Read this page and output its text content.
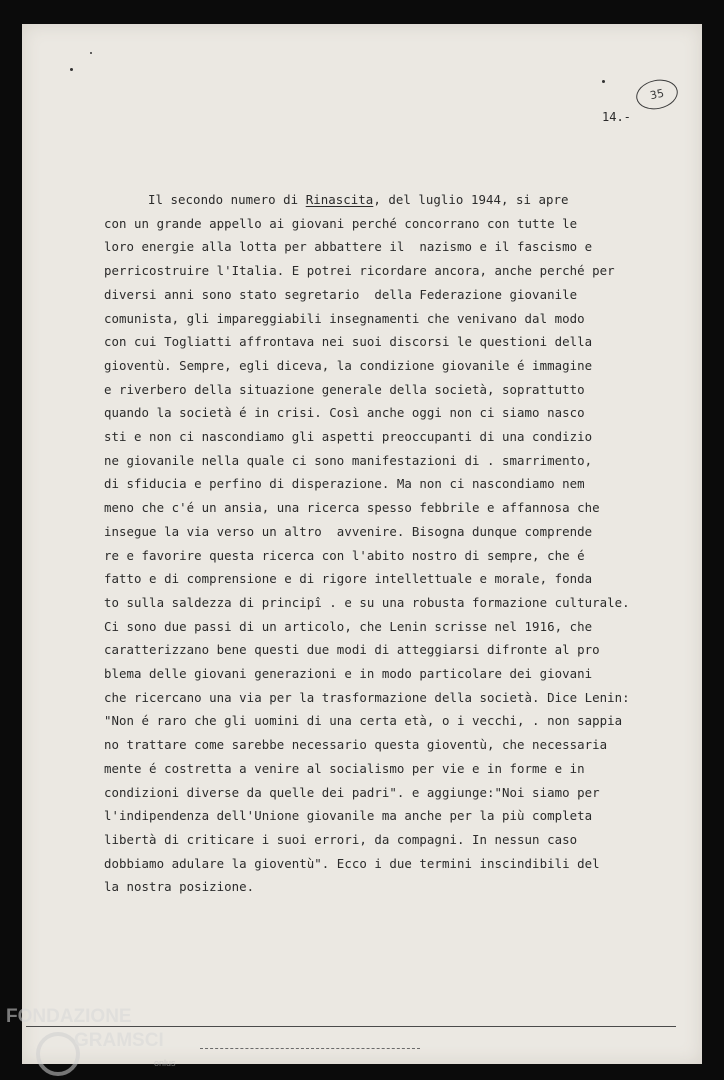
35
14.-
Il secondo numero di Rinascita, del luglio 1944, si apre
con un grande appello ai giovani perché concorrano con tutte le
loro energie alla lotta per abbattere il  nazismo e il fascismo e
perricostruire l'Italia. E potrei ricordare ancora, anche perché per
diversi anni sono stato segretario  della Federazione giovanile
comunista, gli impareggiabili insegnamenti che venivano dal modo
con cui Togliatti affrontava nei suoi discorsi le questioni della
gioventù. Sempre, egli diceva, la condizione giovanile é immagine
e riverbero della situazione generale della società, soprattutto
quando la società é in crisi. Così anche oggi non ci siamo nasco
sti e non ci nascondiamo gli aspetti preoccupanti di una condizio
ne giovanile nella quale ci sono manifestazioni di . smarrimento,
di sfiducia e perfino di disperazione. Ma non ci nascondiamo nem
meno che c'é un ansia, una ricerca spesso febbrile e affannosa che
insegue la via verso un altro  avvenire. Bisogna dunque comprende
re e favorire questa ricerca con l'abito nostro di sempre, che é
fatto e di comprensione e di rigore intellettuale e morale, fonda
to sulla saldezza di principî . e su una robusta formazione culturale.
Ci sono due passi di un articolo, che Lenin scrisse nel 1916, che
caratterizzano bene questi due modi di atteggiarsi difronte al pro
blema delle giovani generazioni e in modo particolare dei giovani
che ricercano una via per la trasformazione della società. Dice Lenin:
"Non é raro che gli uomini di una certa età, o i vecchi, . non sappia
no trattare come sarebbe necessario questa gioventù, che necessaria
mente é costretta a venire al socialismo per vie e in forme e in
condizioni diverse da quelle dei padri". e aggiunge:"Noi siamo per
l'indipendenza dell'Unione giovanile ma anche per la più completa
libertà di criticare i suoi errori, da compagni. In nessun caso
dobbiamo adulare la gioventù". Ecco i due termini inscindibili del
la nostra posizione.
FONDAZIONE
GRAMSCI
onlus
